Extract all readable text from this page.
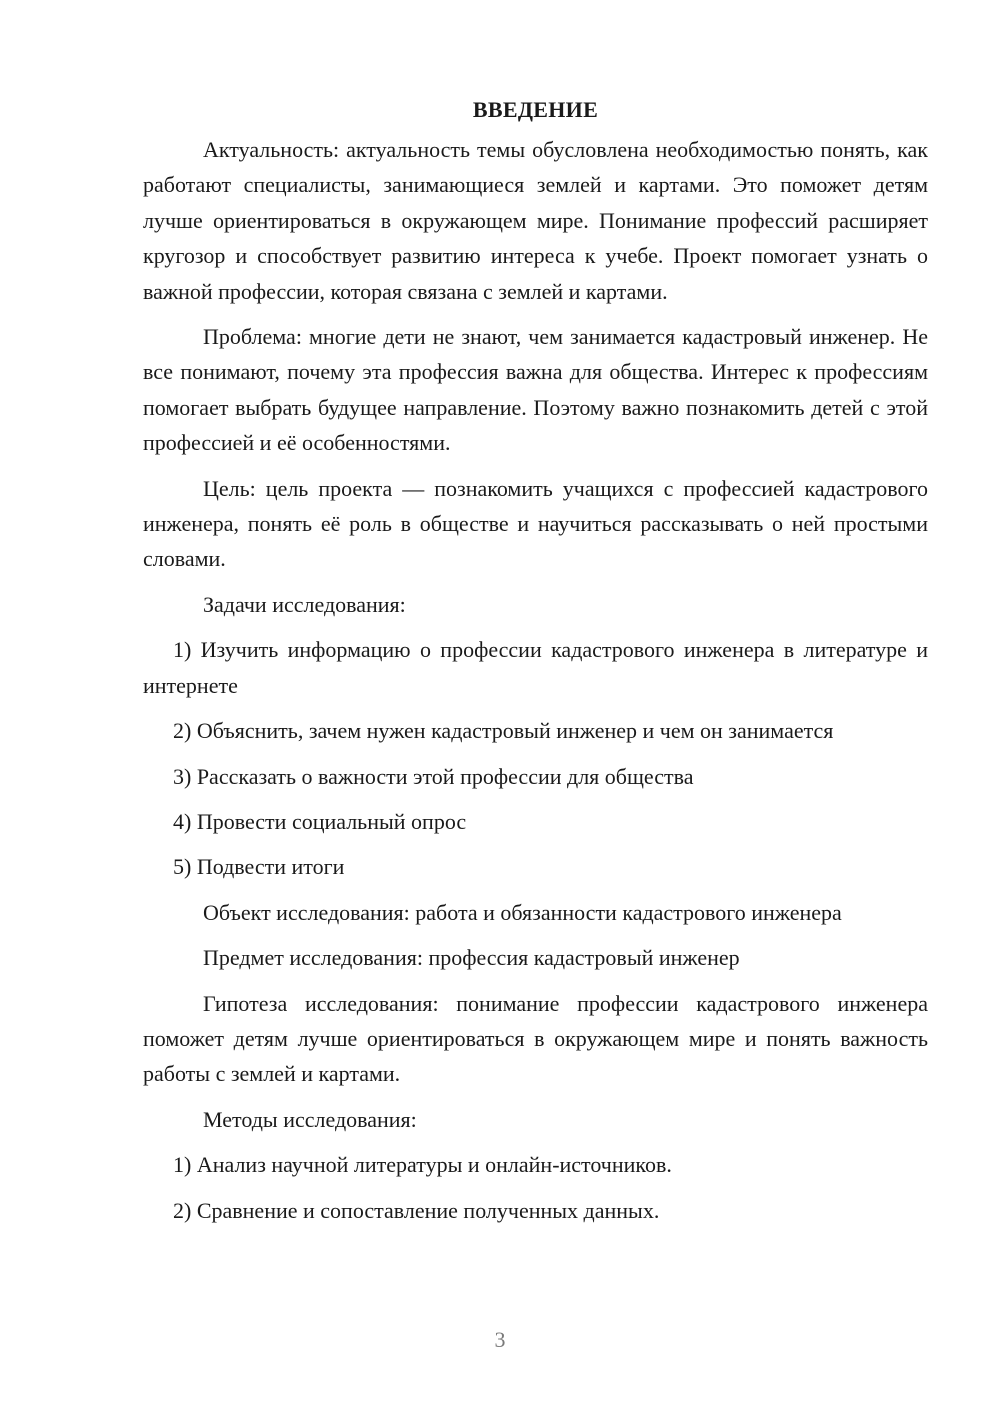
ВВЕДЕНИЕ

Актуальность: актуальность темы обусловлена необходимостью понять, как работают специалисты, занимающиеся землей и картами. Это поможет детям лучше ориентироваться в окружающем мире. Понимание профессий расширяет кругозор и способствует развитию интереса к учебе. Проект помогает узнать о важной профессии, которая связана с землей и картами.

Проблема: многие дети не знают, чем занимается кадастровый инженер. Не все понимают, почему эта профессия важна для общества. Интерес к профессиям помогает выбрать будущее направление. Поэтому важно познакомить детей с этой профессией и её особенностями.

Цель: цель проекта — познакомить учащихся с профессией кадастрового инженера, понять её роль в обществе и научиться рассказывать о ней простыми словами.

Задачи исследования:

1) Изучить информацию о профессии кадастрового инженера в литературе и интернете

2) Объяснить, зачем нужен кадастровый инженер и чем он занимается

3) Рассказать о важности этой профессии для общества

4) Провести социальный опрос

5) Подвести итоги

Объект исследования: работа и обязанности кадастрового инженера

Предмет исследования: профессия кадастровый инженер

Гипотеза исследования: понимание профессии кадастрового инженера поможет детям лучше ориентироваться в окружающем мире и понять важность работы с землей и картами.

Методы исследования:

1) Анализ научной литературы и онлайн-источников.

2) Сравнение и сопоставление полученных данных.

3
